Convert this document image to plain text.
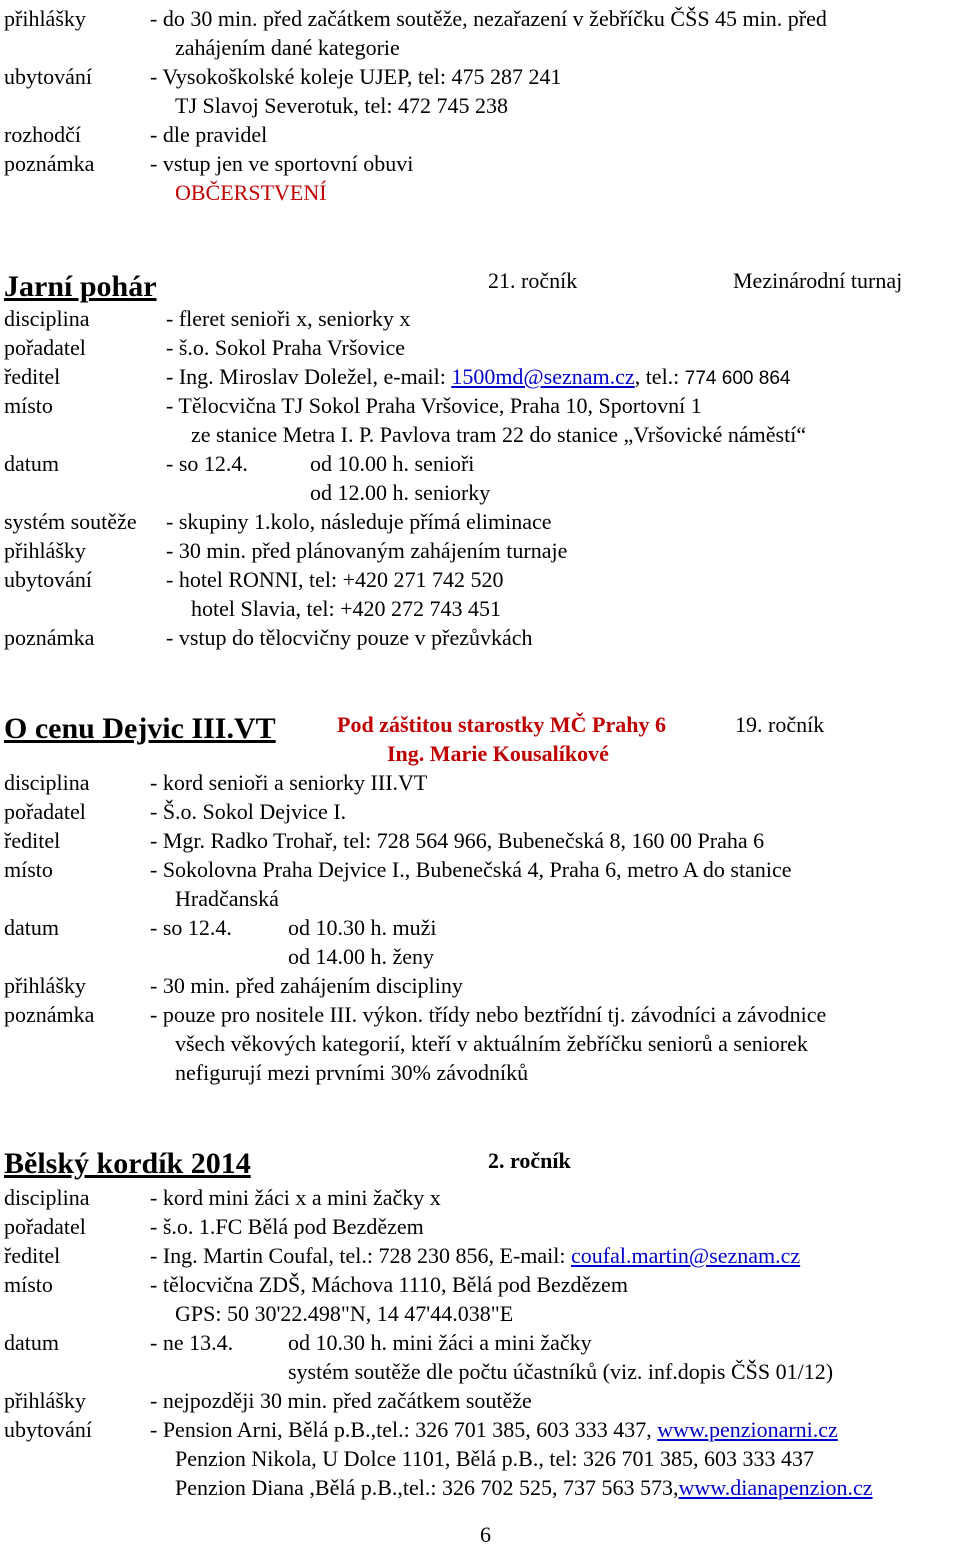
přihlášky	- do 30 min. před začátkem soutěže, nezařazení v žebříčku ČŠS 45 min. před
zahájením dané kategorie
ubytování	- Vysokoškolské koleje UJEP, tel: 475 287 241
TJ Slavoj Severotuk, tel: 472 745 238
rozhodčí	- dle pravidel
poznámka	- vstup jen ve sportovní obuvi
OBČERSTVENÍ
Jarní pohár	21. ročník	Mezinárodní turnaj
disciplina	- fleret senioři x, seniorky x
pořadatel	- š.o. Sokol Praha Vršovice
ředitel	- Ing. Miroslav Doležel, e-mail: 1500md@seznam.cz, tel.: 774 600 864
místo	- Tělocvična TJ Sokol Praha Vršovice, Praha 10, Sportovní 1
ze stanice Metra I. P. Pavlova tram 22 do stanice „Vršovické náměstí“
datum	- so 12.4.	od 10.00 h. senioři
od 12.00 h. seniorky
systém soutěže - skupiny 1.kolo, následuje přímá eliminace
přihlášky	- 30 min. před plánovaným zahájením turnaje
ubytování	- hotel RONNI, tel: +420 271 742 520
hotel Slavia, tel: +420 272 743 451
poznámka	- vstup do tělocvičny pouze v přezůvkách
O cenu Dejvic III.VT	Pod záštitou starostky MČ Prahy 6
Ing. Marie Kousalíkové
19. ročník
disciplina	- kord senioři a seniorky III.VT
pořadatel	- Š.o. Sokol Dejvice I.
ředitel	- Mgr. Radko Trohař, tel: 728 564 966, Bubenečská 8, 160 00 Praha 6
místo	- Sokolovna Praha Dejvice I., Bubenečská 4, Praha 6, metro A do stanice
Hradčanská
datum	- so 12.4.	od 10.30 h. muži
od 14.00 h. ženy
přihlášky	- 30 min. před zahájením discipliny
poznámka	- pouze pro nositele III. výkon. třídy nebo beztřídní tj. závodníci a závodnice
všech věkových kategorií, kteří v aktuálním žebříčku seniorů a seniorek
nefigurují mezi prvními 30% závodníků
Bělský kordík 2014	2. ročník
disciplina	- kord mini žáci x a mini žačky x
pořadatel	- š.o. 1.FC Bělá pod Bezdězem
ředitel	- Ing. Martin Coufal, tel.: 728 230 856, E-mail: coufal.martin@seznam.cz
místo	- tělocvična ZDŠ, Máchova 1110, Bělá pod Bezdězem
GPS: 50 30'22.498"N, 14 47'44.038"E
datum	- ne 13.4. od 10.30 h. mini žáci a mini žačky
systém soutěže dle počtu účastníků (viz. inf.dopis ČŠS 01/12)
přihlášky	- nejpozději 30 min. před začátkem soutěže
ubytování	- Pension Arni, Bělá p.B.,tel.: 326 701 385, 603 333 437, www.penzionarni.cz
Penzion Nikola, U Dolce 1101, Bělá p.B., tel: 326 701 385, 603 333 437
Penzion Diana ,Bělá p.B.,tel.: 326 702 525, 737 563 573,www.dianapenzion.cz
6
